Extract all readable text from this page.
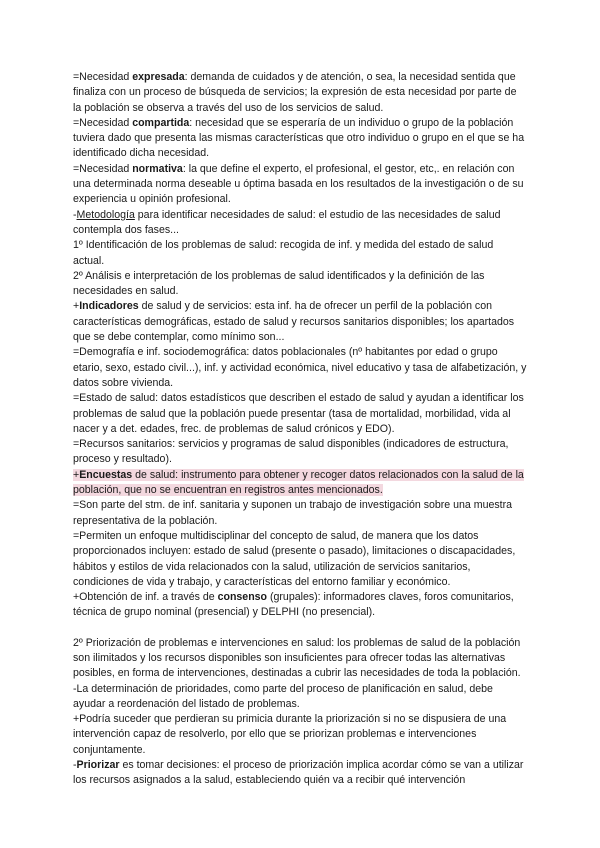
=Necesidad expresada: demanda de cuidados y de atención, o sea, la necesidad sentida que finaliza con un proceso de búsqueda de servicios; la expresión de esta necesidad por parte de la población se observa a través del uso de los servicios de salud.

=Necesidad compartida: necesidad que se esperaría de un individuo o grupo de la población tuviera dado que presenta las mismas características que otro individuo o grupo en el que se ha identificado dicha necesidad.

=Necesidad normativa: la que define el experto, el profesional, el gestor, etc,. en relación con una determinada norma deseable u óptima basada en los resultados de la investigación o de su experiencia u opinión profesional.

-Metodología para identificar necesidades de salud: el estudio de las necesidades de salud contempla dos fases...

1º Identificación de los problemas de salud: recogida de inf. y medida del estado de salud actual.

2º Análisis e interpretación de los problemas de salud identificados y la definición de las necesidades en salud.

+Indicadores de salud y de servicios: esta inf. ha de ofrecer un perfil de la población con características demográficas, estado de salud y recursos sanitarios disponibles; los apartados que se debe contemplar, como mínimo son...

=Demografía e inf. sociodemográfica: datos poblacionales (nº habitantes por edad o grupo etario, sexo, estado civil...), inf. y actividad económica, nivel educativo y tasa de alfabetización, y datos sobre vivienda.

=Estado de salud: datos estadísticos que describen el estado de salud y ayudan a identificar los problemas de salud que la población puede presentar (tasa de mortalidad, morbilidad, vida al nacer y a det. edades, frec. de problemas de salud crónicos y EDO).

=Recursos sanitarios: servicios y programas de salud disponibles (indicadores de estructura, proceso y resultado).

+Encuestas de salud: instrumento para obtener y recoger datos relacionados con la salud de la población, que no se encuentran en registros antes mencionados.

=Son parte del stm. de inf. sanitaria y suponen un trabajo de investigación sobre una muestra representativa de la población.

=Permiten un enfoque multidisciplinar del concepto de salud, de manera que los datos proporcionados incluyen: estado de salud (presente o pasado), limitaciones o discapacidades, hábitos y estilos de vida relacionados con la salud, utilización de servicios sanitarios, condiciones de vida y trabajo, y características del entorno familiar y económico.

+Obtención de inf. a través de consenso (grupales): informadores claves, foros comunitarios, técnica de grupo nominal (presencial) y DELPHI (no presencial).

2º Priorización de problemas e intervenciones en salud: los problemas de salud de la población son ilimitados y los recursos disponibles son insuficientes para ofrecer todas las alternativas posibles, en forma de intervenciones, destinadas a cubrir las necesidades de toda la población.

-La determinación de prioridades, como parte del proceso de planificación en salud, debe ayudar a reordenación del listado de problemas.

+Podría suceder que perdieran su primicia durante la priorización si no se dispusiera de una intervención capaz de resolverlo, por ello que se priorizan problemas e intervenciones conjuntamente.

-Priorizar es tomar decisiones: el proceso de priorización implica acordar cómo se van a utilizar los recursos asignados a la salud, estableciendo quién va a recibir qué intervención
